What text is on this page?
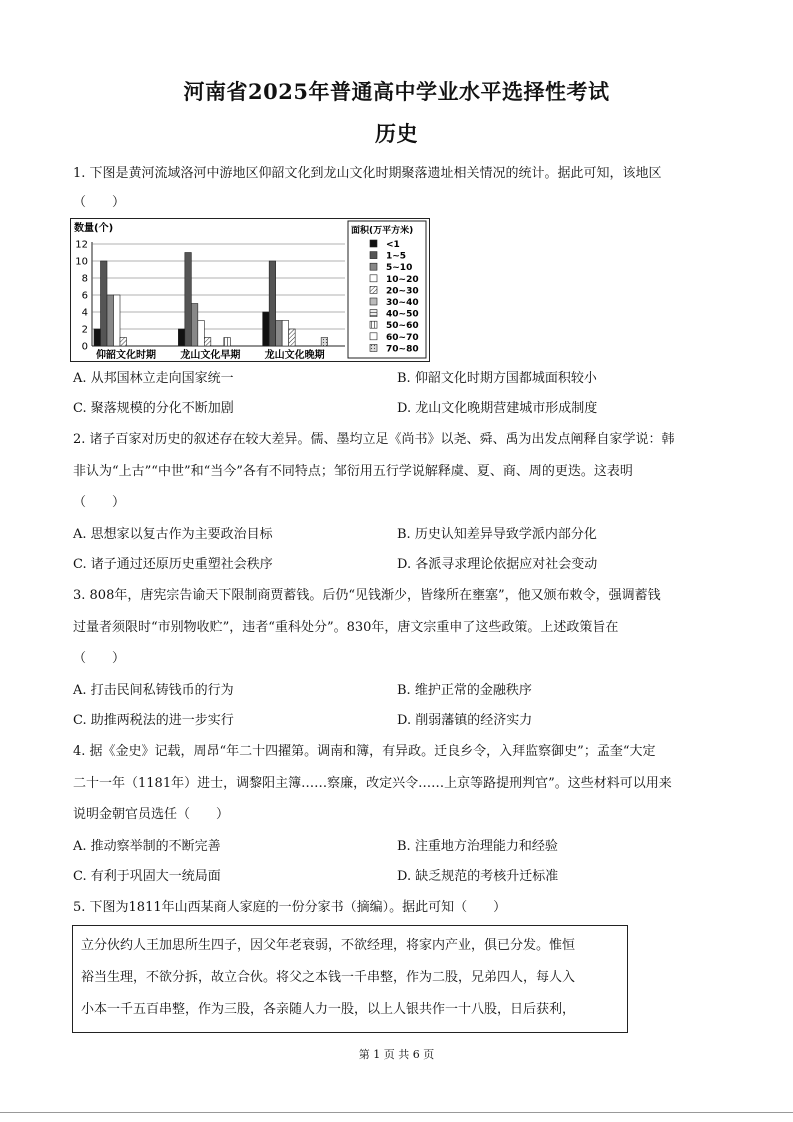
河南省2025年普通高中学业水平选择性考试
历史
1. 下图是黄河流域洛河中游地区仰韶文化到龙山文化时期聚落遗址相关情况的统计。据此可知，该地区
（　　）
数量(个)
0
2
4
6
8
10
12
仰韶文化时期 龙山文化早期 龙山文化晚期
面积(万平方米)
<1
1~5
5~10
10~20
20~30
30~40
40~50
50~60
60~70
70~80
A. 从邦国林立走向国家统一	B. 仰韶文化时期方国都城面积较小
C. 聚落规模的分化不断加剧	D. 龙山文化晚期营建城市形成制度
2. 诸子百家对历史的叙述存在较大差异。儒、墨均立足《尚书》以尧、舜、禹为出发点阐释自家学说：韩
非认为“上古”“中世”和“当今”各有不同特点；邹衍用五行学说解释虞、夏、商、周的更迭。这表明
（　　）
A. 思想家以复古作为主要政治目标	B. 历史认知差异导致学派内部分化
C. 诸子通过还原历史重塑社会秩序	D. 各派寻求理论依据应对社会变动
3. 808年，唐宪宗告谕天下限制商贾蓄钱。后仍“见钱渐少，皆缘所在壅塞”，他又颁布敕令，强调蓄钱
过量者须限时“市别物收贮”，违者“重科处分”。830年，唐文宗重申了这些政策。上述政策旨在
（　　）
A. 打击民间私铸钱币的行为	B. 维护正常的金融秩序
C. 助推两税法的进一步实行	D. 削弱藩镇的经济实力
4. 据《金史》记载，周昂“年二十四擢第。调南和簿，有异政。迁良乡令，入拜监察御史”；孟奎“大定
二十一年（1181年）进士，调黎阳主簿……察廉，改定兴令……上京等路提刑判官”。这些材料可以用来
说明金朝官员选任（　　）
A. 推动察举制的不断完善	B. 注重地方治理能力和经验
C. 有利于巩固大一统局面	D. 缺乏规范的考核升迁标准
5. 下图为1811年山西某商人家庭的一份分家书（摘编）。据此可知（　　）
立分伙约人王加思所生四子，因父年老衰弱，不欲经理，将家内产业，俱已分发。惟恒
裕当生理，不欲分拆，故立合伙。将父之本钱一千串整，作为二股，兄弟四人，每人入
小本一千五百串整，作为三股，各亲随人力一股，以上人银共作一十八股，日后获利，
第 1 页 共 6 页
